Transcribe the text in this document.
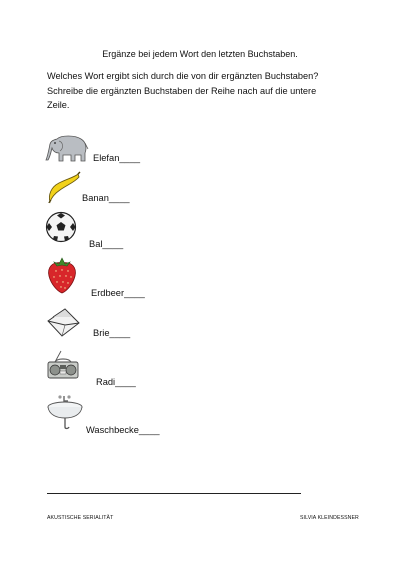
Ergänze bei jedem Wort den letzten Buchstaben.
Welches Wort ergibt sich durch die von dir ergänzten Buchstaben?
Schreibe die ergänzten Buchstaben der Reihe nach auf die untere
Zeile.
Elefan____
Banan____
Bal____
Erdbeer____
Brie____
Radi____
Waschbecke____
AKUSTISCHE SERIALITÄT	SILVIA KLEINDESSNER
